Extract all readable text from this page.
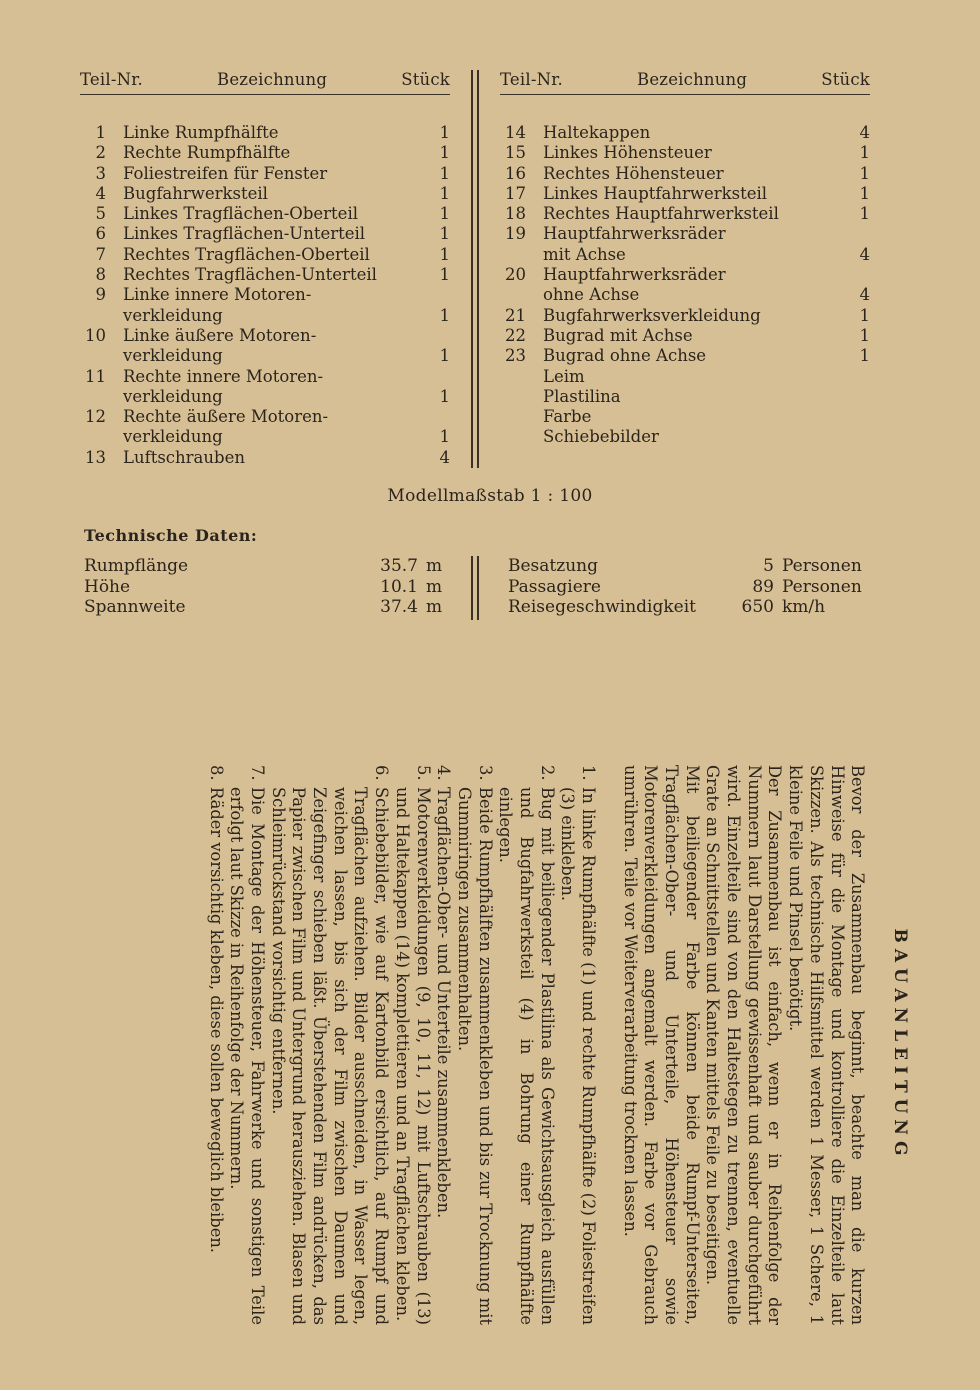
Teil-Nr.	Bezeichnung	Stück
1 Linke Rumpfhälfte	1
2 Rechte Rumpfhälfte	1
3 Foliestreifen für Fenster	1
4 Bugfahrwerksteil	1
5 Linkes Tragflächen-Oberteil	1
6 Linkes Tragflächen-Unterteil	1
7 Rechtes Tragflächen-Oberteil	1
8 Rechtes Tragflächen-Unterteil	1
9 Linke innere Motoren-
verkleidung	1
10 Linke äußere Motoren-
verkleidung	1
11 Rechte innere Motoren-
verkleidung	1
12 Rechte äußere Motoren-
verkleidung	1
13 Luftschrauben	4
Teil-Nr.	Bezeichnung	Stück
14 Haltekappen	4
15 Linkes Höhensteuer	1
16 Rechtes Höhensteuer	1
17 Linkes Hauptfahrwerksteil	1
18 Rechtes Hauptfahrwerksteil	1
19 Hauptfahrwerksräder
mit Achse	4
20 Hauptfahrwerksräder
ohne Achse	4
21 Bugfahrwerksverkleidung	1
22 Bugrad mit Achse	1
23 Bugrad ohne Achse	1
Leim
Plastilina
Farbe
Schiebebilder
Modellmaßstab 1 : 100
Technische Daten:
Rumpflänge	35.7 m
Höhe	10.1 m
Spannweite	37.4 m
Besatzung	5 Personen
Passagiere	89 Personen
Reisegeschwindigkeit	650 km/h
BAUANLEITUNG

Bevor der Zusammenbau beginnt, beachte man die kurzen Hinweise für die Montage und kontrolliere die Einzelteile laut Skizzen. Als technische Hilfsmittel werden 1 Messer, 1 Schere, 1 kleine Feile und Pinsel benötigt.

Der Zusammenbau ist einfach, wenn er in Reihenfolge der Nummern laut Darstellung gewissenhaft und sauber durchgeführt wird. Einzelteile sind von den Haltestegen zu trennen, eventuelle Grate an Schnittstellen und Kanten mittels Feile zu beseitigen.

Mit beiliegender Farbe können beide Rumpf-Unterseiten, Tragflächen-Ober- und Unterteile, Höhensteuer sowie Motorenverkleidungen angemalt werden. Farbe vor Gebrauch umrühren. Teile vor Weiterverarbeitung trocknen lassen.

1.
In linke Rumpfhälfte (1) und rechte Rumpfhälfte (2) Foliestreifen (3) einkleben.
2.
Bug mit beiliegender Plastilina als Gewichtsausgleich ausfüllen und Bugfahrwerksteil (4) in Bohrung einer Rumpfhälfte einlegen.
3.
Beide Rumpfhälften zusammenkleben und bis zur Trocknung mit Gummiringen zusammenhalten.
4.
Tragflächen-Ober- und Unterteile zusammenkleben.
5.
Motorenverkleidungen (9, 10, 11, 12) mit Luftschrauben (13) und Haltekappen (14) komplettieren und an Tragflächen kleben.
6.
Schiebebilder, wie auf Kartonbild ersichtlich, auf Rumpf und Tragflächen aufziehen. Bilder ausschneiden, in Wasser legen, weichen lassen, bis sich der Film zwischen Daumen und Zeigefinger schieben läßt. Überstehenden Film andrücken, das Papier zwischen Film und Untergrund herausziehen. Blasen und Schleimrückstand vorsichtig entfernen.
7.
Die Montage der Höhensteuer, Fahrwerke und sonstigen Teile erfolgt laut Skizze in Reihenfolge der Nummern.
8.
Räder vorsichtig kleben, diese sollen beweglich bleiben.
